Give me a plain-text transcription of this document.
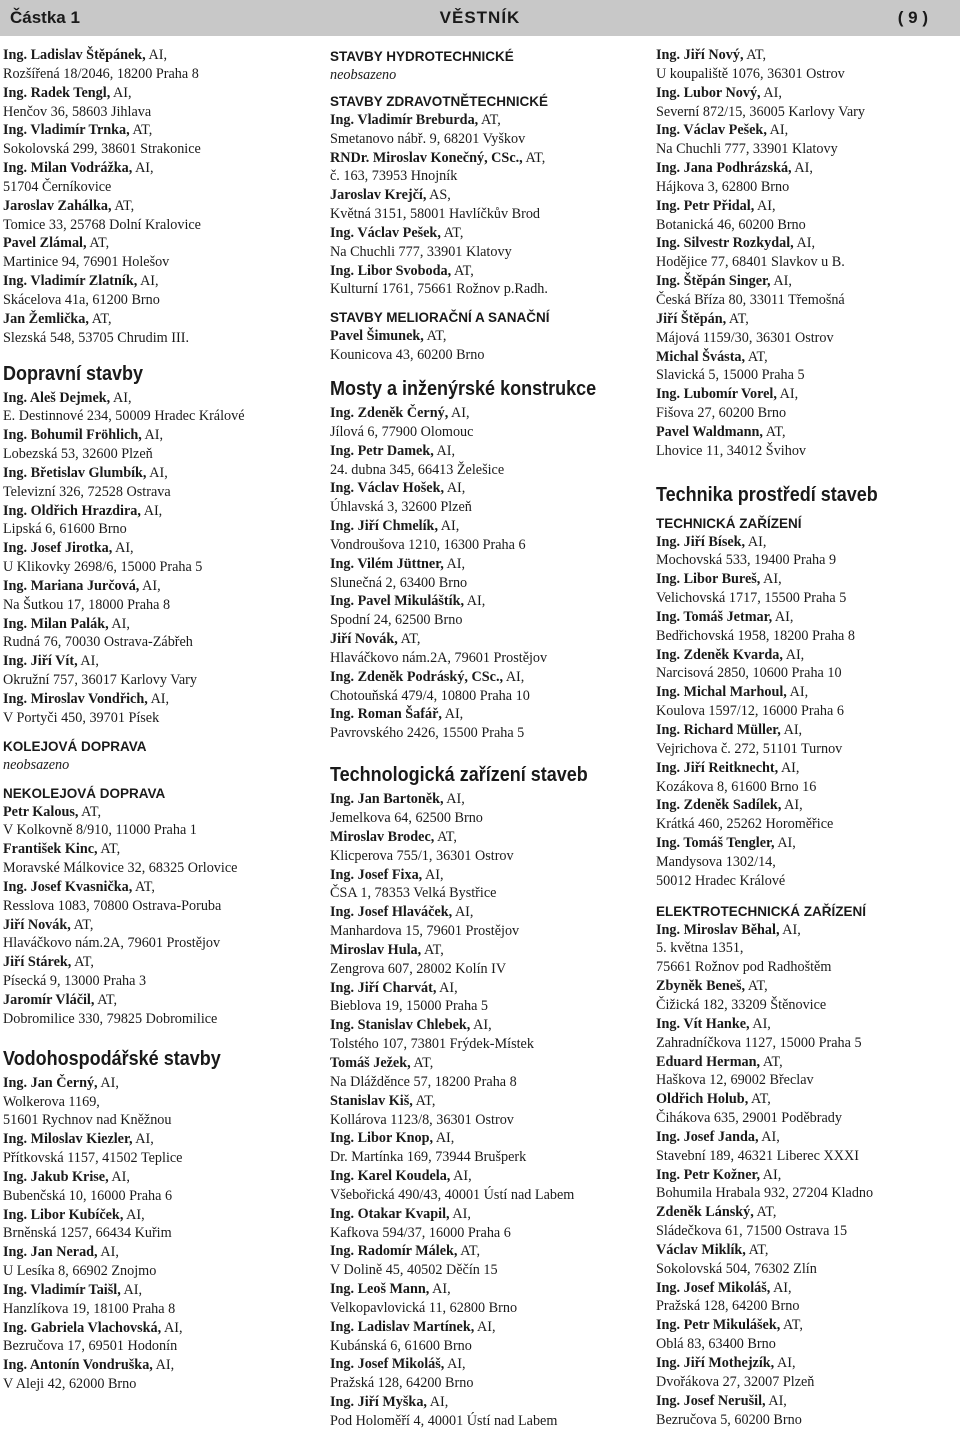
Částka 1	VĚSTNÍK	( 9 )
Ing. Ladislav Štěpánek, AI,
Rozšířená 18/2046, 18200 Praha 8
Ing. Radek Tengl, AI,
Henčov 36, 58603 Jihlava
Ing. Vladimír Trnka, AT,
Sokolovská 299, 38601 Strakonice
Ing. Milan Vodrážka, AI,
51704 Černíkovice
Jaroslav Zahálka, AT,
Tomice 33, 25768 Dolní Kralovice
Pavel Zlámal, AT,
Martinice 94, 76901 Holešov
Ing. Vladimír Zlatník, AI,
Skácelova 41a, 61200 Brno
Jan Žemlička, AT,
Slezská 548, 53705 Chrudim III.
Dopravní stavby
Ing. Aleš Dejmek, AI,
E. Destinnové 234, 50009 Hradec Králové
Ing. Bohumil Fröhlich, AI,
Lobezská 53, 32600 Plzeň
Ing. Břetislav Glumbík, AI,
Televizní 326, 72528 Ostrava
Ing. Oldřich Hrazdira, AI,
Lipská 6, 61600 Brno
Ing. Josef Jirotka, AI,
U Klikovky 2698/6, 15000 Praha 5
Ing. Mariana Jurčová, AI,
Na Šutkou 17, 18000 Praha 8
Ing. Milan Palák, AI,
Rudná 76, 70030 Ostrava-Zábřeh
Ing. Jiří Vít, AI,
Okružní 757, 36017 Karlovy Vary
Ing. Miroslav Vondřich, AI,
V Portyči 450, 39701 Písek
KOLEJOVÁ DOPRAVA
neobsazeno
NEKOLEJOVÁ DOPRAVA
Petr Kalous, AT,
V Kolkovně 8/910, 11000 Praha 1
František Kinc, AT,
Moravské Málkovice 32, 68325 Orlovice
Ing. Josef Kvasnička, AT,
Resslova 1083, 70800 Ostrava-Poruba
Jiří Novák, AT,
Hlaváčkovo nám.2A, 79601 Prostějov
Jiří Stárek, AT,
Písecká 9, 13000 Praha 3
Jaromír Vláčil, AT,
Dobromilice 330, 79825 Dobromilice
Vodohospodářské stavby
Ing. Jan Černý, AI,
Wolkerova 1169,
51601 Rychnov nad Kněžnou
Ing. Miloslav Kiezler, AI,
Přítkovská 1157, 41502 Teplice
Ing. Jakub Krise, AI,
Bubenčská 10, 16000 Praha 6
Ing. Libor Kubíček, AI,
Brněnská 1257, 66434 Kuřim
Ing. Jan Nerad, AI,
U Lesíka 8, 66902 Znojmo
Ing. Vladimír Taišl, AI,
Hanzlíkova 19, 18100 Praha 8
Ing. Gabriela Vlachovská, AI,
Bezručova 17, 69501 Hodonín
Ing. Antonín Vondruška, AI,
V Aleji 42, 62000 Brno
STAVBY HYDROTECHNICKÉ
neobsazeno
STAVBY ZDRAVOTNĚTECHNICKÉ
Ing. Vladimír Breburda, AT,
Smetanovo nábř. 9, 68201 Vyškov
RNDr. Miroslav Konečný, CSc., AT,
č. 163, 73953 Hnojník
Jaroslav Krejčí, AS,
Květná 3151, 58001 Havlíčkův Brod
Ing. Václav Pešek, AT,
Na Chuchli 777, 33901 Klatovy
Ing. Libor Svoboda, AT,
Kulturní 1761, 75661 Rožnov p.Radh.
STAVBY MELIORAČNÍ A SANAČNÍ
Pavel Šimunek, AT,
Kounicova 43, 60200 Brno
Mosty a inženýrské konstrukce
Ing. Zdeněk Černý, AI,
Jílová 6, 77900 Olomouc
Ing. Petr Damek, AI,
24. dubna 345, 66413 Želešice
Ing. Václav Hošek, AI,
Úhlavská 3, 32600 Plzeň
Ing. Jiří Chmelík, AI,
Vondroušova 1210, 16300 Praha 6
Ing. Vilém Jüttner, AI,
Slunečná 2, 63400 Brno
Ing. Pavel Mikuláštík, AI,
Spodní 24, 62500 Brno
Jiří Novák, AT,
Hlaváčkovo nám.2A, 79601 Prostějov
Ing. Zdeněk Podráský, CSc., AI,
Chotouňská 479/4, 10800 Praha 10
Ing. Roman Šafář, AI,
Pavrovského 2426, 15500 Praha 5
Technologická zařízení staveb
Ing. Jan Bartoněk, AI,
Jemelkova 64, 62500 Brno
Miroslav Brodec, AT,
Klicperova 755/1, 36301 Ostrov
Ing. Josef Fixa, AI,
ČSA 1, 78353 Velká Bystřice
Ing. Josef Hlaváček, AI,
Manhardova 15, 79601 Prostějov
Miroslav Hula, AT,
Zengrova 607, 28002 Kolín IV
Ing. Jiří Charvát, AI,
Bieblova 19, 15000 Praha 5
Ing. Stanislav Chlebek, AI,
Tolstého 107, 73801 Frýdek-Místek
Tomáš Ježek, AT,
Na Dlážděnce 57, 18200 Praha 8
Stanislav Kiš, AT,
Kollárova 1123/8, 36301 Ostrov
Ing. Libor Knop, AI,
Dr. Martínka 169, 73944 Brušperk
Ing. Karel Koudela, AI,
Všebořická 490/43, 40001 Ústí nad Labem
Ing. Otakar Kvapil, AI,
Kafkova 594/37, 16000 Praha 6
Ing. Radomír Málek, AT,
V Dolině 45, 40502 Děčín 15
Ing. Leoš Mann, AI,
Velkopavlovická 11, 62800 Brno
Ing. Ladislav Martínek, AI,
Kubánská 6, 61600 Brno
Ing. Josef Mikoláš, AI,
Pražská 128, 64200 Brno
Ing. Jiří Myška, AI,
Pod Holoměří 4, 40001 Ústí nad Labem
Ing. Jiří Nový, AT,
U koupaliště 1076, 36301 Ostrov
Ing. Lubor Nový, AI,
Severní 872/15, 36005 Karlovy Vary
Ing. Václav Pešek, AI,
Na Chuchli 777, 33901 Klatovy
Ing. Jana Podhrázská, AI,
Hájkova 3, 62800 Brno
Ing. Petr Přidal, AI,
Botanická 46, 60200 Brno
Ing. Silvestr Rozkydal, AI,
Hodějice 77, 68401 Slavkov u B.
Ing. Štěpán Singer, AI,
Česká Bříza 80, 33011 Třemošná
Jiří Štěpán, AT,
Májová 1159/30, 36301 Ostrov
Michal Švásta, AT,
Slavická 5, 15000 Praha 5
Ing. Lubomír Vorel, AI,
Fišova 27, 60200 Brno
Pavel Waldmann, AT,
Lhovice 11, 34012 Švihov
Technika prostředí staveb
TECHNICKÁ ZAŘÍZENÍ
Ing. Jiří Bísek, AI,
Mochovská 533, 19400 Praha 9
Ing. Libor Bureš, AI,
Velichovská 1717, 15500 Praha 5
Ing. Tomáš Jetmar, AI,
Bedřichovská 1958, 18200 Praha 8
Ing. Zdeněk Kvarda, AI,
Narcisová 2850, 10600 Praha 10
Ing. Michal Marhoul, AI,
Koulova 1597/12, 16000 Praha 6
Ing. Richard Müller, AI,
Vejrichova č. 272, 51101 Turnov
Ing. Jiří Reitknecht, AI,
Kozákova 8, 61600 Brno 16
Ing. Zdeněk Sadílek, AI,
Krátká 460, 25262 Horoměřice
Ing. Tomáš Tengler, AI,
Mandysova 1302/14,
50012 Hradec Králové
ELEKTROTECHNICKÁ ZAŘÍZENÍ
Ing. Miroslav Běhal, AI,
5. května 1351,
75661 Rožnov pod Radhoštěm
Zbyněk Beneš, AT,
Čižická 182, 33209 Štěnovice
Ing. Vít Hanke, AI,
Zahradníčkova 1127, 15000 Praha 5
Eduard Herman, AT,
Haškova 12, 69002 Břeclav
Oldřich Holub, AT,
Čihákova 635, 29001 Poděbrady
Ing. Josef Janda, AI,
Stavební 189, 46321 Liberec XXXI
Ing. Petr Kožner, AI,
Bohumila Hrabala 932, 27204 Kladno
Zdeněk Lánský, AT,
Sládečkova 61, 71500 Ostrava 15
Václav Miklík, AT,
Sokolovská 504, 76302 Zlín
Ing. Josef Mikoláš, AI,
Pražská 128, 64200 Brno
Ing. Petr Mikulášek, AT,
Oblá 83, 63400 Brno
Ing. Jiří Mothejzík, AI,
Dvořákova 27, 32007 Plzeň
Ing. Josef Nerušil, AI,
Bezručova 5, 60200 Brno
